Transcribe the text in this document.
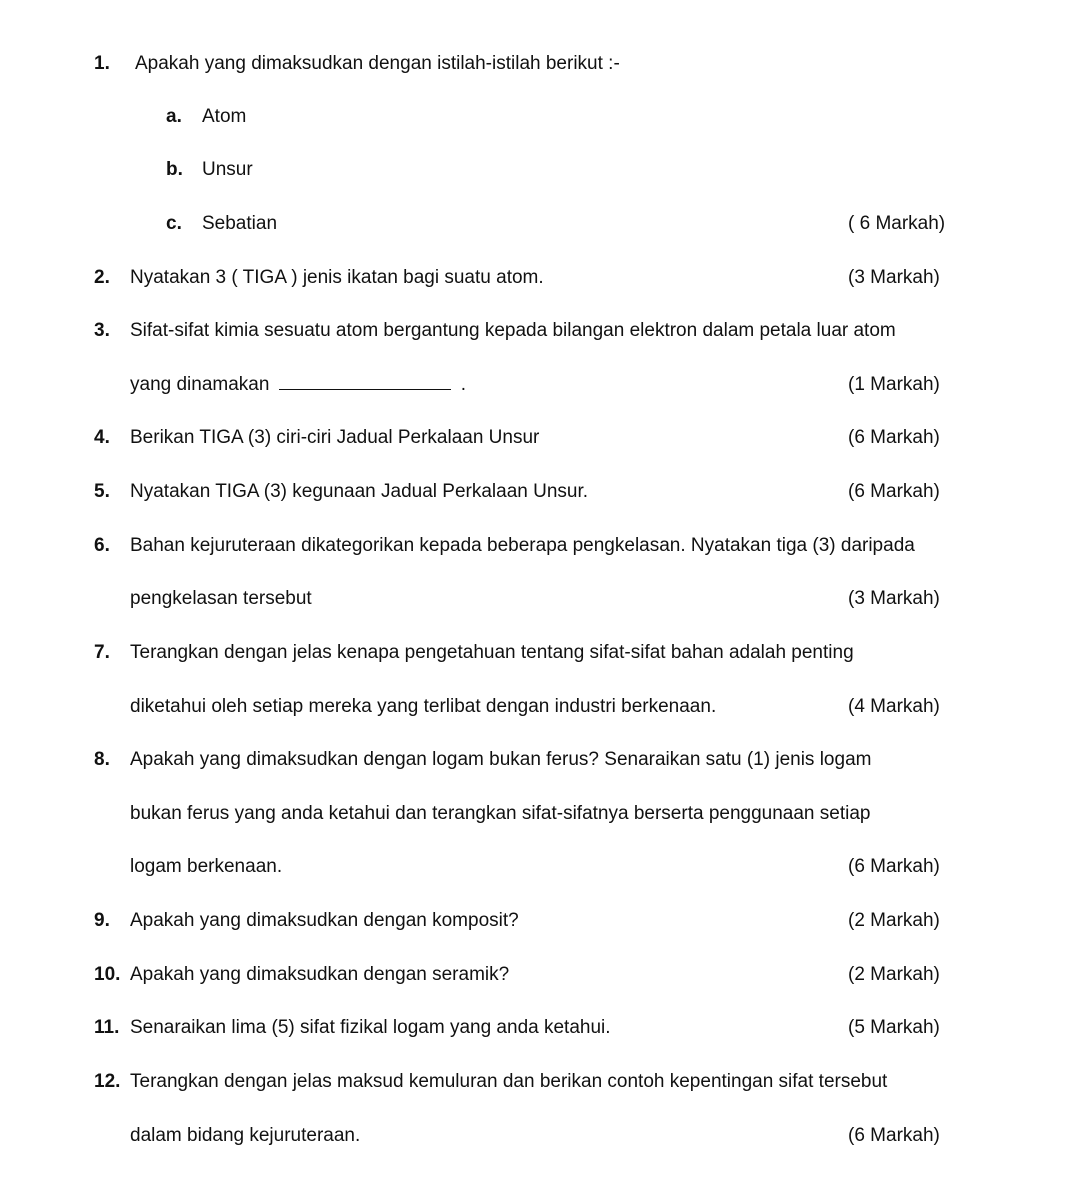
1. Apakah yang dimaksudkan dengan istilah-istilah berikut :-
a. Atom
b. Unsur
c. Sebatian	( 6 Markah)
2. Nyatakan 3 ( TIGA ) jenis ikatan bagi suatu atom.	(3 Markah)
3. Sifat-sifat kimia sesuatu atom bergantung kepada bilangan elektron dalam petala luar atom
yang dinamakan	.	(1 Markah)
4. Berikan TIGA (3) ciri-ciri Jadual Perkalaan Unsur	(6 Markah)
5. Nyatakan TIGA (3) kegunaan Jadual Perkalaan Unsur.	(6 Markah)
6. Bahan kejuruteraan dikategorikan kepada beberapa pengkelasan. Nyatakan tiga (3) daripada
pengkelasan tersebut	(3 Markah)
7. Terangkan dengan jelas kenapa pengetahuan tentang sifat-sifat bahan adalah penting
diketahui oleh setiap mereka yang terlibat dengan industri berkenaan.	(4 Markah)
8. Apakah yang dimaksudkan dengan logam bukan ferus? Senaraikan satu (1) jenis logam
bukan ferus yang anda ketahui dan terangkan sifat-sifatnya berserta penggunaan setiap
logam berkenaan.	(6 Markah)
9. Apakah yang dimaksudkan dengan komposit?	(2 Markah)
10. Apakah yang dimaksudkan dengan seramik?	(2 Markah)
11. Senaraikan lima (5) sifat fizikal logam yang anda ketahui.	(5 Markah)
12. Terangkan dengan jelas maksud kemuluran dan berikan contoh kepentingan sifat tersebut
dalam bidang kejuruteraan.	(6 Markah)
